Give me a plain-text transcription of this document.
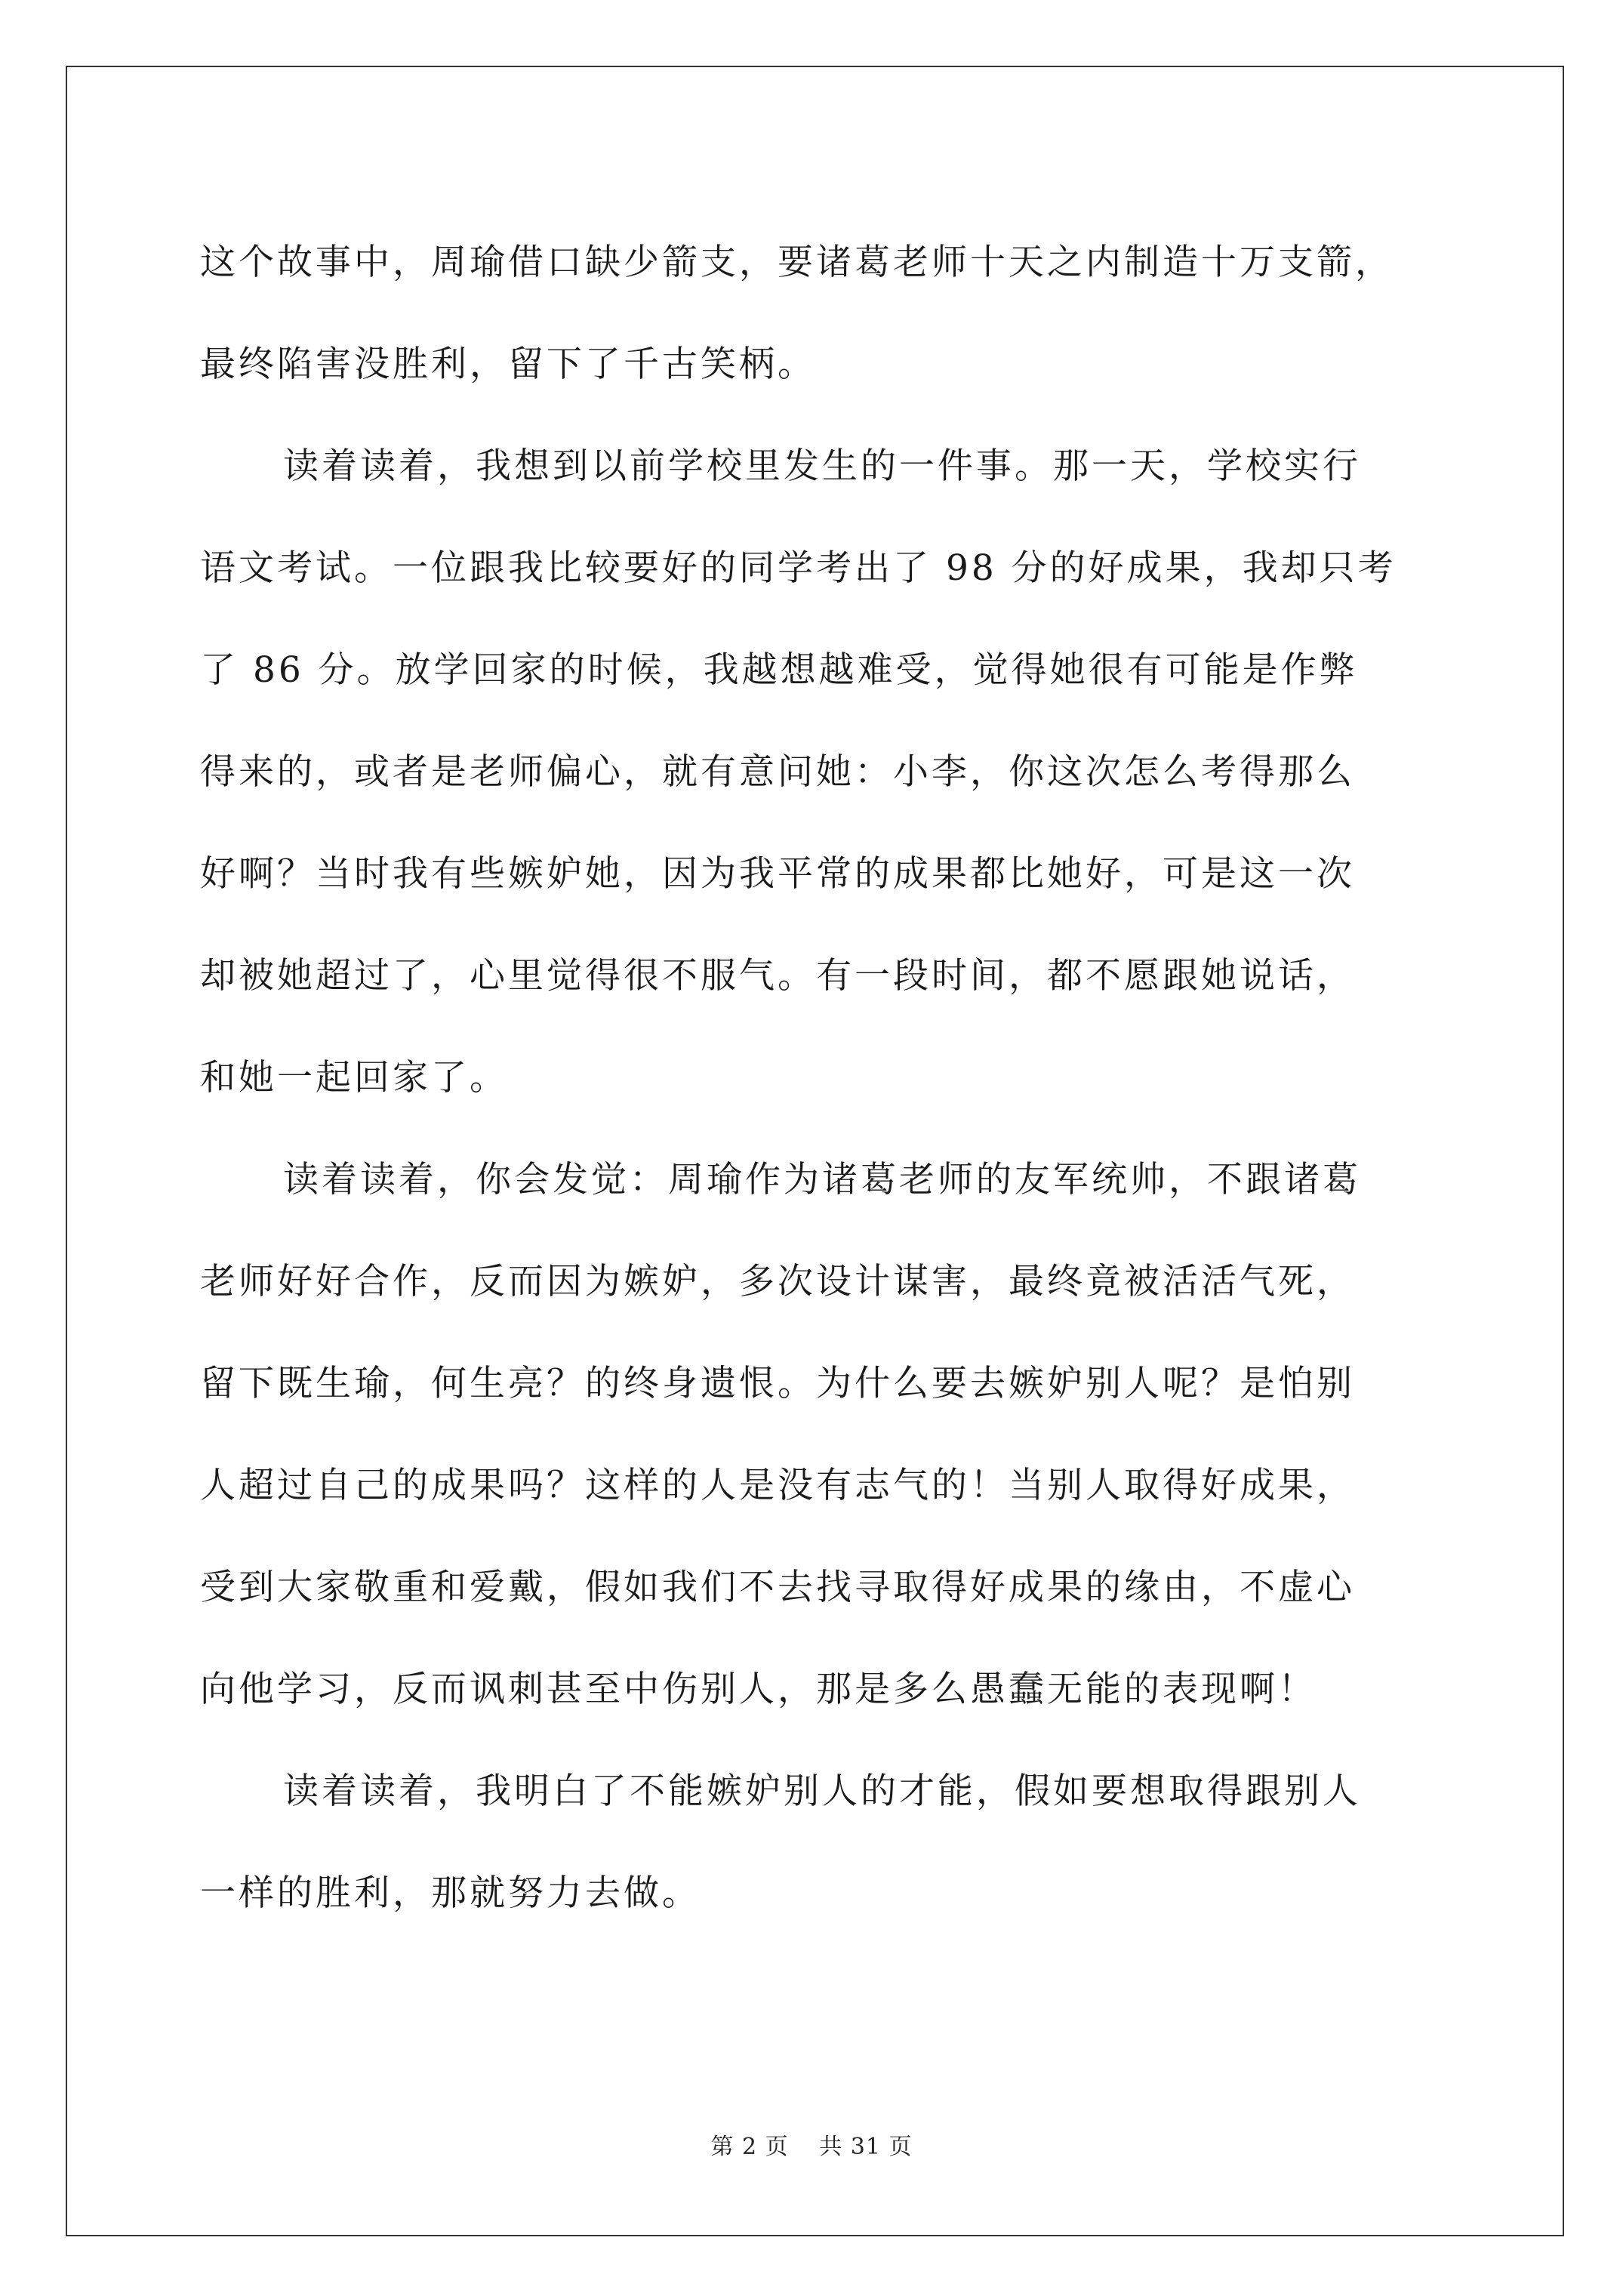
这个故事中，周瑜借口缺少箭支，要诸葛老师十天之内制造十万支箭，
最终陷害没胜利，留下了千古笑柄。
读着读着，我想到以前学校里发生的一件事。那一天，学校实行
语文考试。一位跟我比较要好的同学考出了 98 分的好成果，我却只考
了 86 分。放学回家的时候，我越想越难受，觉得她很有可能是作弊
得来的，或者是老师偏心，就有意问她：小李，你这次怎么考得那么
好啊？当时我有些嫉妒她，因为我平常的成果都比她好，可是这一次
却被她超过了，心里觉得很不服气。有一段时间，都不愿跟她说话，
和她一起回家了。
读着读着，你会发觉：周瑜作为诸葛老师的友军统帅，不跟诸葛
老师好好合作，反而因为嫉妒，多次设计谋害，最终竟被活活气死，
留下既生瑜，何生亮？的终身遗恨。为什么要去嫉妒别人呢？是怕别
人超过自己的成果吗？这样的人是没有志气的！当别人取得好成果，
受到大家敬重和爱戴，假如我们不去找寻取得好成果的缘由，不虚心
向他学习，反而讽刺甚至中伤别人，那是多么愚蠢无能的表现啊！
读着读着，我明白了不能嫉妒别人的才能，假如要想取得跟别人
一样的胜利，那就努力去做。
第 2 页 共 31 页
